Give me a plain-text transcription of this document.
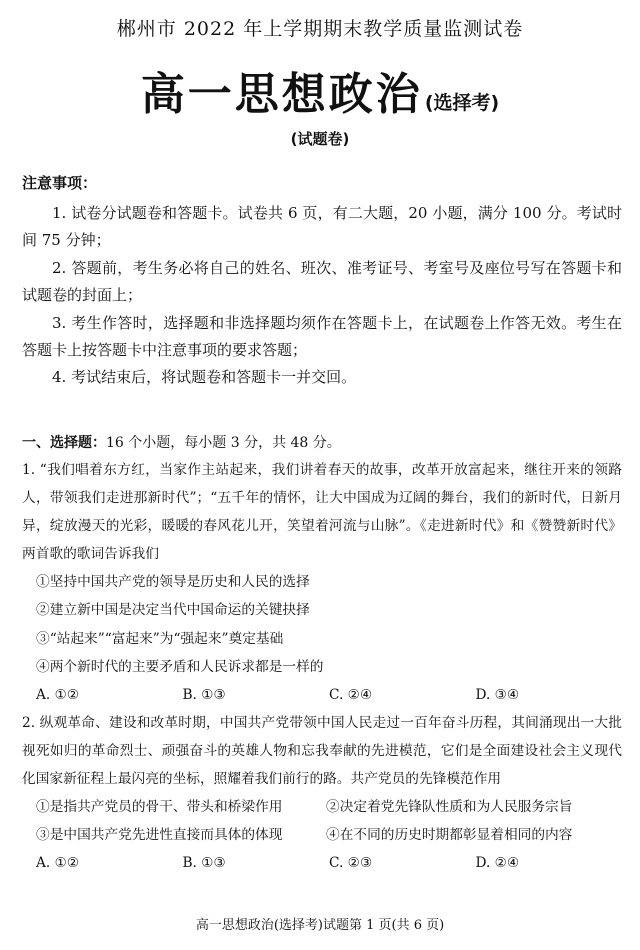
郴州市 2022 年上学期期末教学质量监测试卷
高一思想政治 (选择考)
(试题卷)
注意事项：

1. 试卷分试题卷和答题卡。试卷共 6 页，有二大题，20 小题，满分 100 分。考试时间 75 分钟；

2. 答题前，考生务必将自己的姓名、班次、准考证号、考室号及座位号写在答题卡和试题卷的封面上；

3. 考生作答时，选择题和非选择题均须作在答题卡上，在试题卷上作答无效。考生在答题卡上按答题卡中注意事项的要求答题；

4. 考试结束后，将试题卷和答题卡一并交回。

一、选择题：16 个小题，每小题 3 分，共 48 分。

1. “我们唱着东方红，当家作主站起来，我们讲着春天的故事，改革开放富起来，继往开来的领路人，带领我们走进那新时代”；“五千年的情怀，让大中国成为辽阔的舞台，我们的新时代，日新月异，绽放漫天的光彩，暖暖的春风花儿开，笑望着河流与山脉”。《走进新时代》和《赞赞新时代》两首歌的歌词告诉我们

①坚持中国共产党的领导是历史和人民的选择

②建立新中国是决定当代中国命运的关键抉择

③“站起来”“富起来”为“强起来”奠定基础

④两个新时代的主要矛盾和人民诉求都是一样的

A. ①②	B. ①③	C. ②④	D. ③④

2. 纵观革命、建设和改革时期，中国共产党带领中国人民走过一百年奋斗历程，其间涌现出一大批视死如归的革命烈士、顽强奋斗的英雄人物和忘我奉献的先进模范，它们是全面建设社会主义现代化国家新征程上最闪亮的坐标，照耀着我们前行的路。共产党员的先锋模范作用

①是指共产党员的骨干、带头和桥梁作用	②决定着党先锋队性质和为人民服务宗旨
③是中国共产党先进性直接而具体的体现	④在不同的历史时期都彰显着相同的内容
A. ①②	B. ①③	C. ②③	D. ②④
高一思想政治(选择考)试题第 1 页(共 6 页)
